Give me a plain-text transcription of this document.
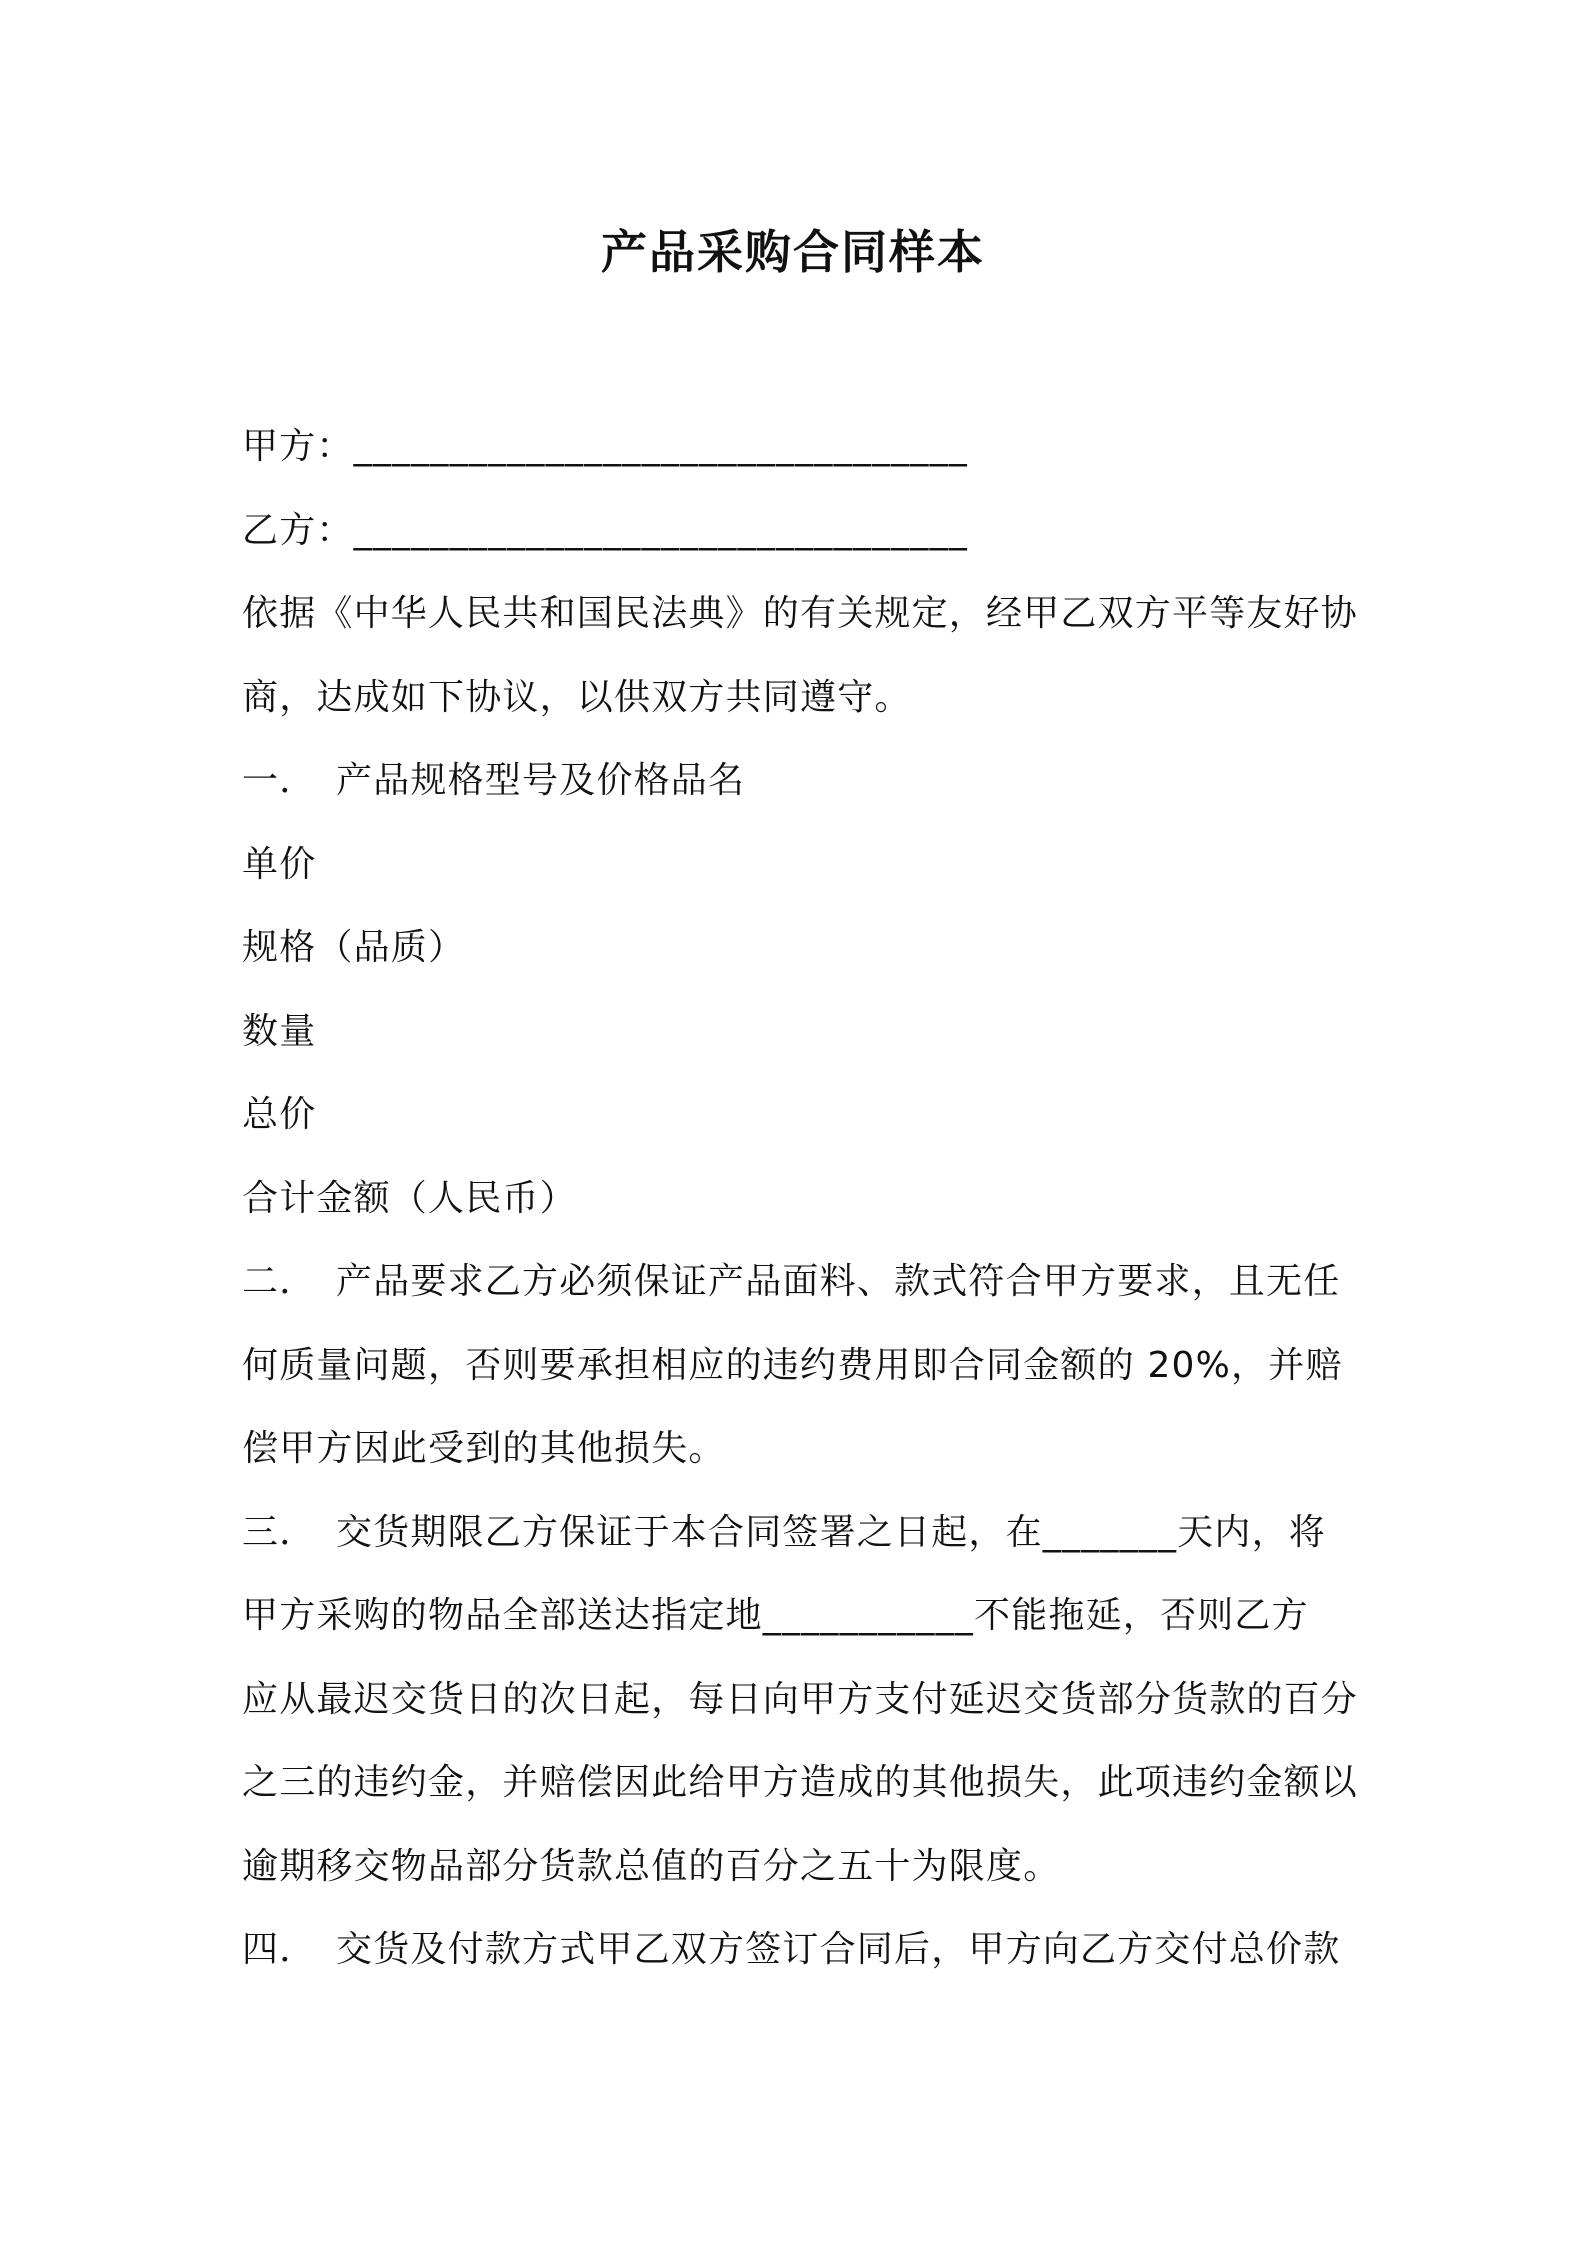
产品采购合同样本
甲方：________________________________
乙方：________________________________
依据《中华人民共和国民法典》的有关规定，经甲乙双方平等友好协
商，达成如下协议，以供双方共同遵守。
一． 产品规格型号及价格品名
单价
规格（品质）
数量
总价
合计金额（人民币）
二． 产品要求乙方必须保证产品面料、款式符合甲方要求，且无任
何质量问题，否则要承担相应的违约费用即合同金额的 20%，并赔
偿甲方因此受到的其他损失。
三． 交货期限乙方保证于本合同签署之日起，在_______天内，将
甲方采购的物品全部送达指定地___________不能拖延，否则乙方
应从最迟交货日的次日起，每日向甲方支付延迟交货部分货款的百分
之三的违约金，并赔偿因此给甲方造成的其他损失，此项违约金额以
逾期移交物品部分货款总值的百分之五十为限度。
四． 交货及付款方式甲乙双方签订合同后，甲方向乙方交付总价款
